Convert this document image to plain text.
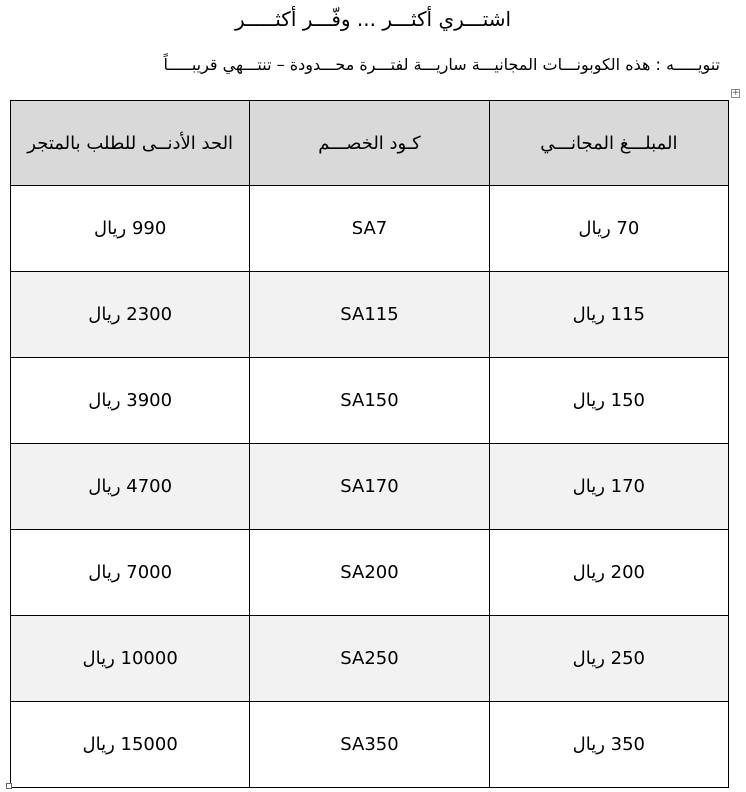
اشتـــري أكثـــر ... وفّـــر أكثـــــر
تنويـــــه : هذه الكوبونـــات المجانيـــة ساريـــة لفتـــرة محـــدودة – تنتـــهي قريبـــــاً
+
المبلـــغ المجانـــي	كـود الخصـــم	الحد الأدنــى للطلب بالمتجر
70 ريال	SA7	990 ريال
115 ريال	SA115	2300 ريال
150 ريال	SA150	3900 ريال
170 ريال	SA170	4700 ريال
200 ريال	SA200	7000 ريال
250 ريال	SA250	10000 ريال
350 ريال	SA350	15000 ريال
